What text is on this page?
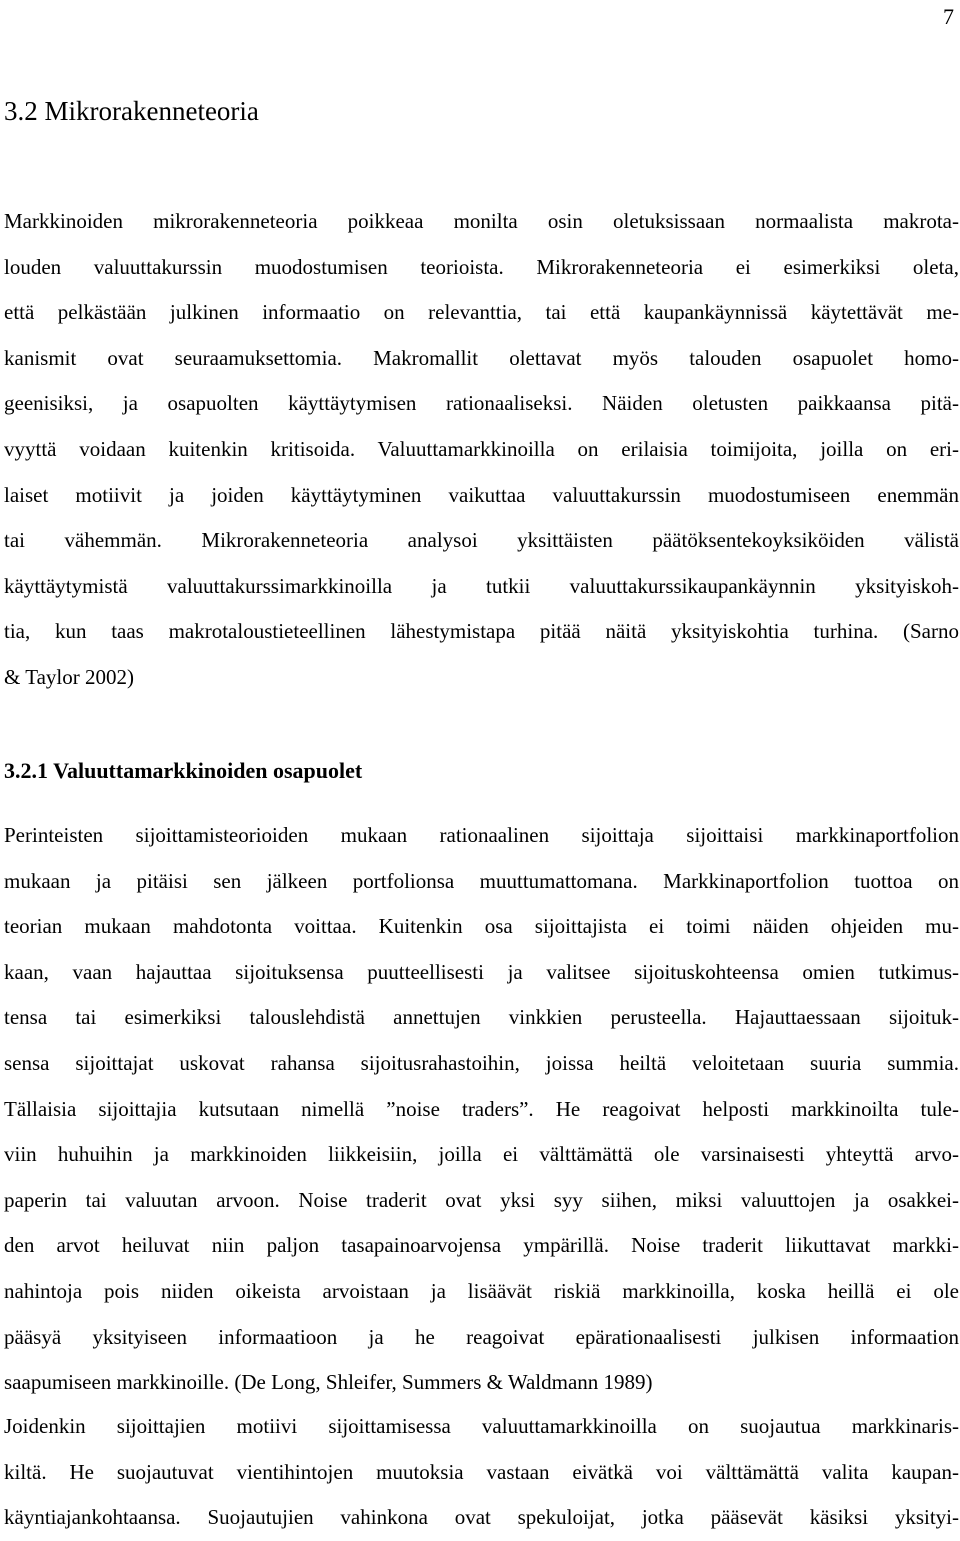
7
3.2 Mikrorakenneteoria
Markkinoiden mikrorakenneteoria poikkeaa monilta osin oletuksissaan normaalista makrota-
louden valuuttakurssin muodostumisen teorioista. Mikrorakenneteoria ei esimerkiksi oleta,
että pelkästään julkinen informaatio on relevanttia, tai että kaupankäynnissä käytettävät me-
kanismit ovat seuraamuksettomia. Makromallit olettavat myös talouden osapuolet homo-
geenisiksi, ja osapuolten käyttäytymisen rationaaliseksi. Näiden oletusten paikkaansa pitä-
vyyttä voidaan kuitenkin kritisoida. Valuuttamarkkinoilla on erilaisia toimijoita, joilla on eri-
laiset motiivit ja joiden käyttäytyminen vaikuttaa valuuttakurssin muodostumiseen enemmän
tai vähemmän. Mikrorakenneteoria analysoi yksittäisten päätöksentekoyksiköiden välistä
käyttäytymistä valuuttakurssimarkkinoilla ja tutkii valuuttakurssikaupankäynnin yksityiskoh-
tia, kun taas makrotaloustieteellinen lähestymistapa pitää näitä yksityiskohtia turhina. (Sarno
& Taylor 2002)
3.2.1 Valuuttamarkkinoiden osapuolet
Perinteisten sijoittamisteorioiden mukaan rationaalinen sijoittaja sijoittaisi markkinaportfolion
mukaan ja pitäisi sen jälkeen portfolionsa muuttumattomana. Markkinaportfolion tuottoa on
teorian mukaan mahdotonta voittaa. Kuitenkin osa sijoittajista ei toimi näiden ohjeiden mu-
kaan, vaan hajauttaa sijoituksensa puutteellisesti ja valitsee sijoituskohteensa omien tutkimus-
tensa tai esimerkiksi talouslehdistä annettujen vinkkien perusteella. Hajauttaessaan sijoituk-
sensa sijoittajat uskovat rahansa sijoitusrahastoihin, joissa heiltä veloitetaan suuria summia.
Tällaisia sijoittajia kutsutaan nimellä ”noise traders”. He reagoivat helposti markkinoilta tule-
viin huhuihin ja markkinoiden liikkeisiin, joilla ei välttämättä ole varsinaisesti yhteyttä arvo-
paperin tai valuutan arvoon. Noise traderit ovat yksi syy siihen, miksi valuuttojen ja osakkei-
den arvot heiluvat niin paljon tasapainoarvojensa ympärillä. Noise traderit liikuttavat markki-
nahintoja pois niiden oikeista arvoistaan ja lisäävät riskiä markkinoilla, koska heillä ei ole
pääsyä yksityiseen informaatioon ja he reagoivat epärationaalisesti julkisen informaation
saapumiseen markkinoille. (De Long, Shleifer, Summers & Waldmann 1989)
Joidenkin sijoittajien motiivi sijoittamisessa valuuttamarkkinoilla on suojautua markkinaris-
kiltä. He suojautuvat vientihintojen muutoksia vastaan eivätkä voi välttämättä valita kaupan-
käyntiajankohtaansa. Suojautujien vahinkona ovat spekuloijat, jotka pääsevät käsiksi yksityi-
